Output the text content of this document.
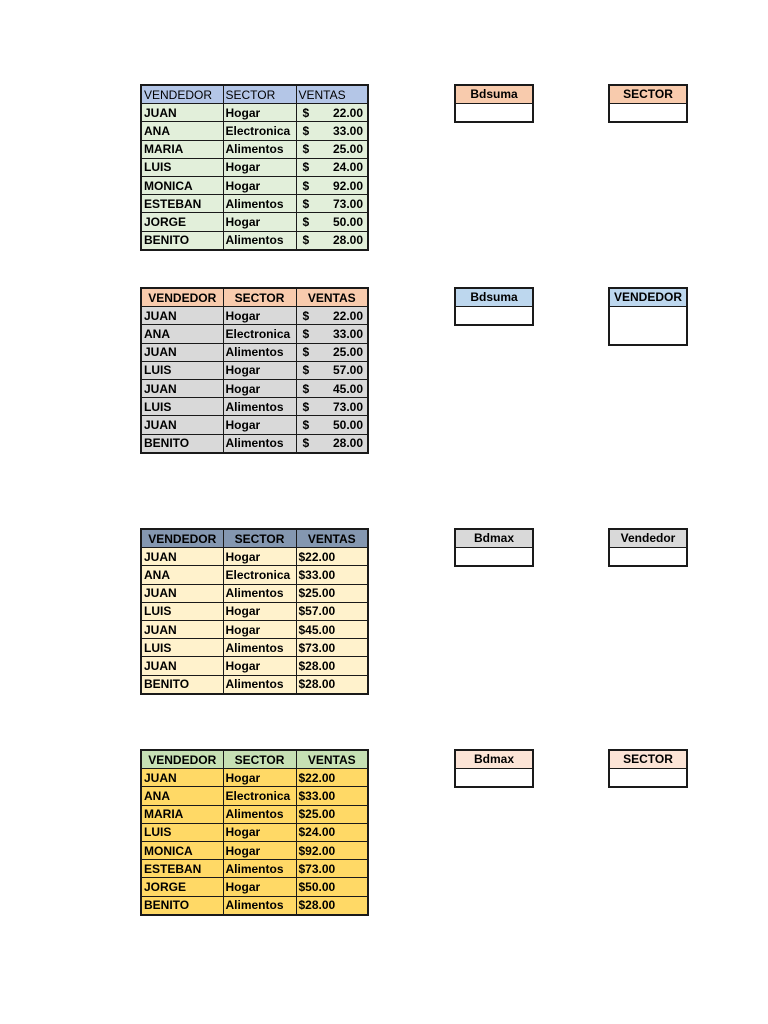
VENDEDOR	SECTOR	VENTAS
JUAN	Hogar	$ 22.00

ANA	Electronica	$ 33.00

MARIA	Alimentos	$ 25.00

LUIS	Hogar	$ 24.00

MONICA	Hogar	$ 92.00

ESTEBAN	Alimentos	$ 73.00

JORGE	Hogar	$ 50.00

BENITO	Alimentos	$ 28.00
VENDEDOR	SECTOR	VENTAS
JUAN	Hogar	$ 22.00

ANA	Electronica	$ 33.00

JUAN	Alimentos	$ 25.00

LUIS	Hogar	$ 57.00

JUAN	Hogar	$ 45.00

LUIS	Alimentos	$ 73.00

JUAN	Hogar	$ 50.00

BENITO	Alimentos	$ 28.00
VENDEDOR	SECTOR	VENTAS
JUAN	Hogar	$22.00
ANA	Electronica	$33.00
JUAN	Alimentos	$25.00
LUIS	Hogar	$57.00
JUAN	Hogar	$45.00
LUIS	Alimentos	$73.00
JUAN	Hogar	$28.00
BENITO	Alimentos	$28.00
VENDEDOR	SECTOR	VENTAS
JUAN	Hogar	$22.00
ANA	Electronica	$33.00
MARIA	Alimentos	$25.00
LUIS	Hogar	$24.00
MONICA	Hogar	$92.00
ESTEBAN	Alimentos	$73.00
JORGE	Hogar	$50.00
BENITO	Alimentos	$28.00
Bdsuma	SECTOR
Bdsuma	VENDEDOR
Bdmax	Vendedor
Bdmax	SECTOR
